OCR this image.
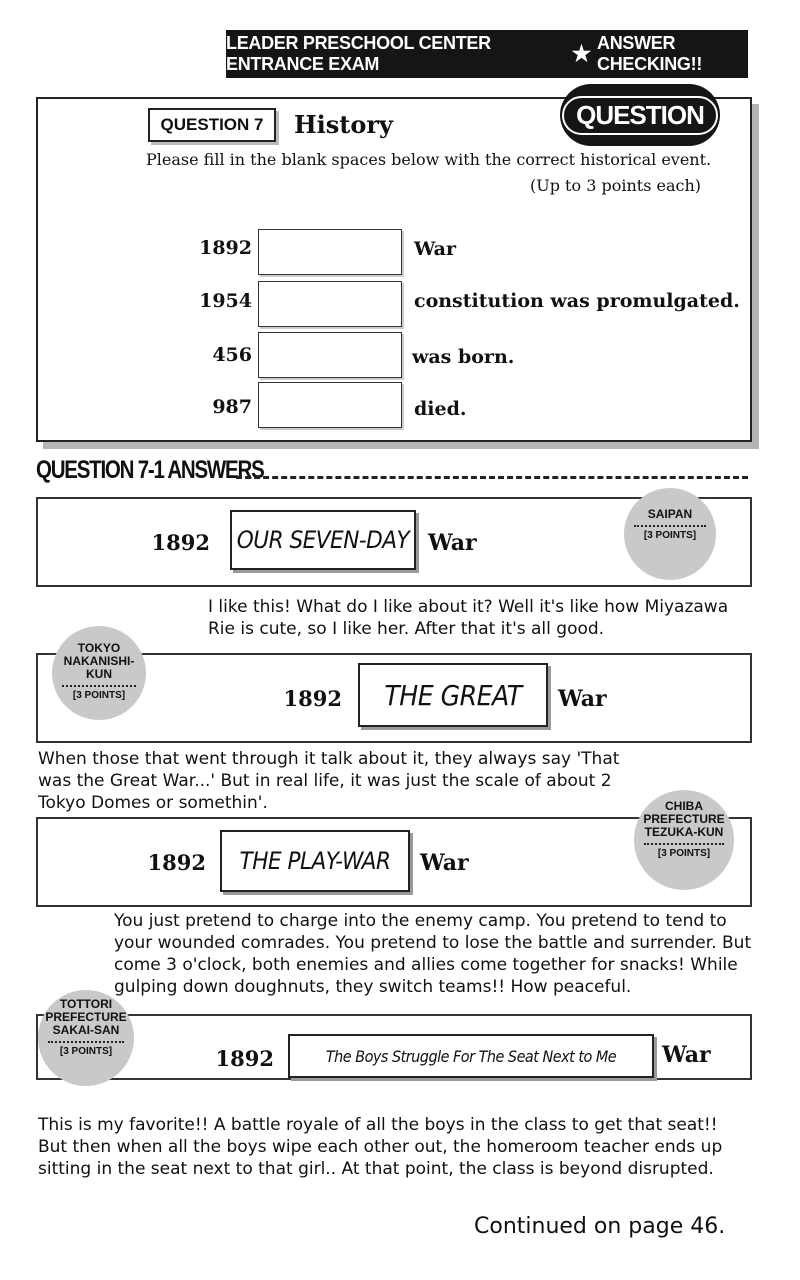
LEADER PRESCHOOL CENTER ENTRANCE EXAM	★ ANSWER CHECKING!!
QUESTION 7	History	QUESTION
Please fill in the blank spaces below with the correct historical event.
(Up to 3 points each)
1892	War
1954	constitution was promulgated.
456	was born.
987	died.
QUESTION 7-1 ANSWERS
1892 OUR SEVEN-DAY War
SAIPAN
[3 POINTS]
I like this! What do I like about it? Well it's like how Miyazawa Rie is cute, so I like her. After that it's all good.
1892	THE GREAT	War
TOKYO NAKANISHI-KUN
[3 POINTS]
When those that went through it talk about it, they always say 'That was the Great War...' But in real life, it was just the scale of about 2 Tokyo Domes or somethin'.
1892	THE PLAY-WAR	War
CHIBA PREFECTURE TEZUKA-KUN
[3 POINTS]
You just pretend to charge into the enemy camp. You pretend to tend to your wounded comrades. You pretend to lose the battle and surrender. But come 3 o'clock, both enemies and allies come together for snacks! While gulping down doughnuts, they switch teams!! How peaceful.
1892	The Boys Struggle For The Seat Next to Me	War
TOTTORI PREFECTURE SAKAI-SAN
[3 POINTS]
This is my favorite!! A battle royale of all the boys in the class to get that seat!! But then when all the boys wipe each other out, the homeroom teacher ends up sitting in the seat next to that girl.. At that point, the class is beyond disrupted.
Continued on page 46.
